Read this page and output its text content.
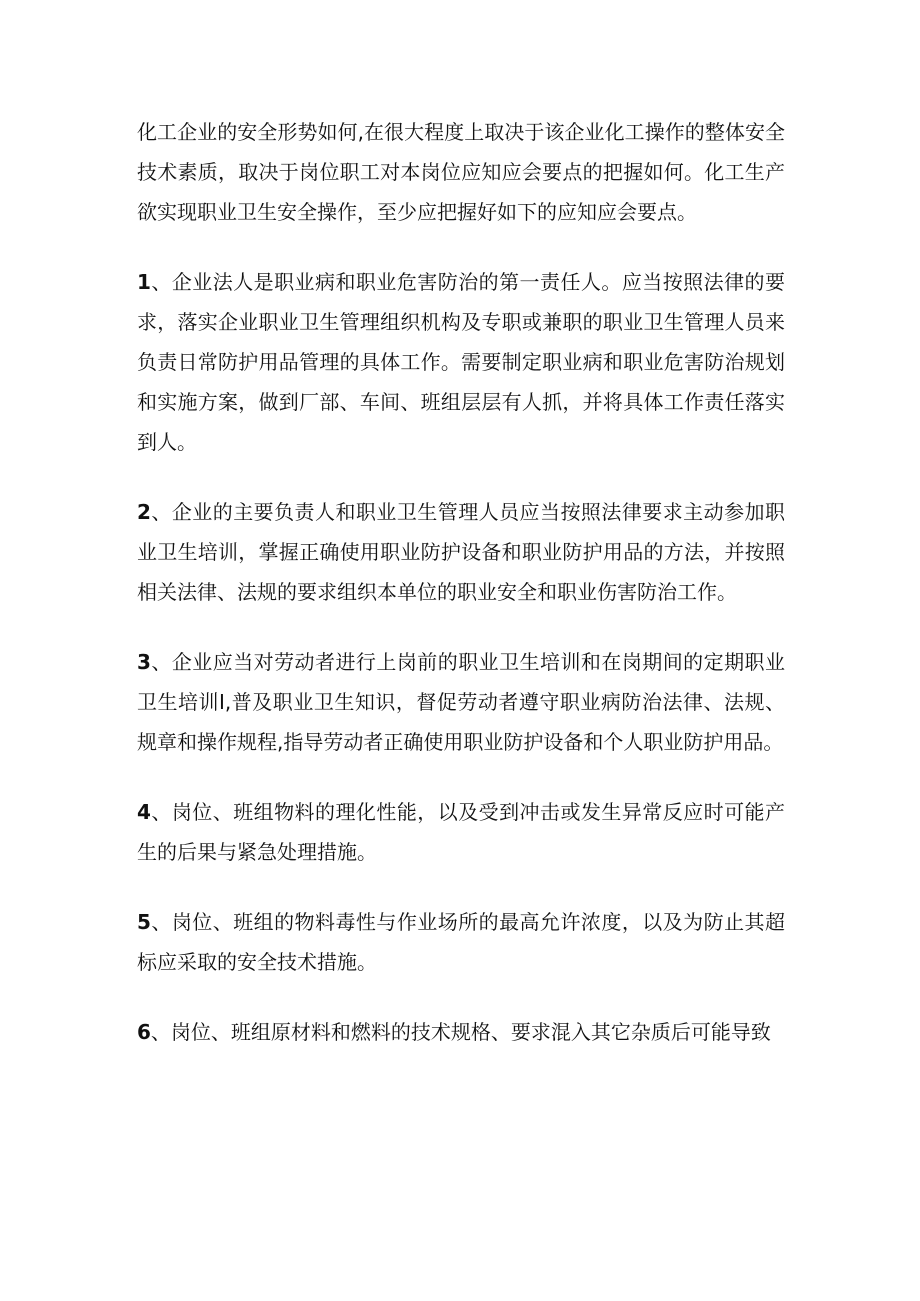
化工企业的安全形势如何,在很大程度上取决于该企业化工操作的整体安全技术素质，取决于岗位职工对本岗位应知应会要点的把握如何。化工生产欲实现职业卫生安全操作，至少应把握好如下的应知应会要点。

1、企业法人是职业病和职业危害防治的第一责任人。应当按照法律的要求，落实企业职业卫生管理组织机构及专职或兼职的职业卫生管理人员来负责日常防护用品管理的具体工作。需要制定职业病和职业危害防治规划和实施方案，做到厂部、车间、班组层层有人抓，并将具体工作责任落实到人。

2、企业的主要负责人和职业卫生管理人员应当按照法律要求主动参加职业卫生培训，掌握正确使用职业防护设备和职业防护用品的方法，并按照相关法律、法规的要求组织本单位的职业安全和职业伤害防治工作。

3、企业应当对劳动者进行上岗前的职业卫生培训和在岗期间的定期职业卫生培训I,普及职业卫生知识，督促劳动者遵守职业病防治法律、法规、规章和操作规程,指导劳动者正确使用职业防护设备和个人职业防护用品。

4、岗位、班组物料的理化性能，以及受到冲击或发生异常反应时可能产生的后果与紧急处理措施。

5、岗位、班组的物料毒性与作业场所的最高允许浓度，以及为防止其超标应采取的安全技术措施。

6、岗位、班组原材料和燃料的技术规格、要求混入其它杂质后可能导致
